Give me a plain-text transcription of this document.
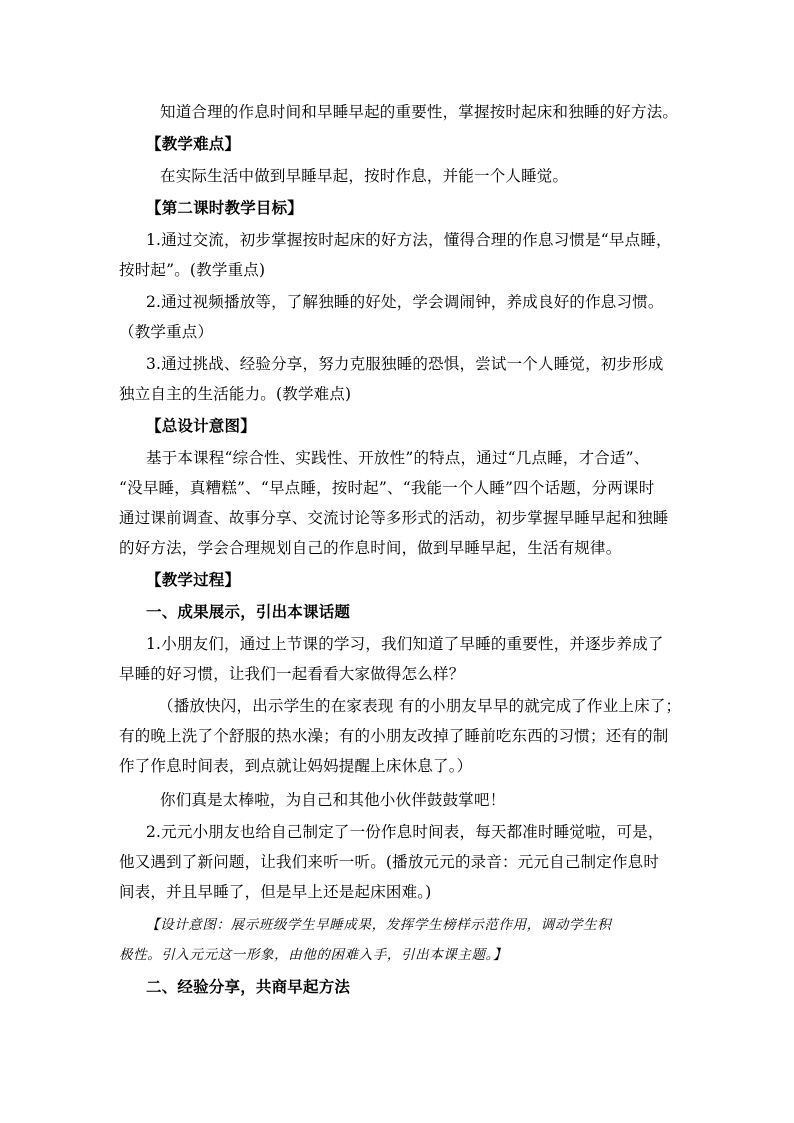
知道合理的作息时间和早睡早起的重要性，掌握按时起床和独睡的好方法。
【教学难点】
在实际生活中做到早睡早起，按时作息，并能一个人睡觉。
【第二课时教学目标】
1.通过交流，初步掌握按时起床的好方法，懂得合理的作息习惯是“早点睡，
按时起”。(教学重点)
2.通过视频播放等，了解独睡的好处，学会调闹钟，养成良好的作息习惯。
（教学重点）
3.通过挑战、经验分享，努力克服独睡的恐惧，尝试一个人睡觉，初步形成
独立自主的生活能力。(教学难点)
【总设计意图】
基于本课程“综合性、实践性、开放性”的特点，通过“几点睡，才合适”、
“没早睡，真糟糕”、“早点睡，按时起”、“我能一个人睡”四个话题，分两课时
通过课前调查、故事分享、交流讨论等多形式的活动，初步掌握早睡早起和独睡
的好方法，学会合理规划自己的作息时间，做到早睡早起，生活有规律。
【教学过程】
一、成果展示，引出本课话题
1.小朋友们，通过上节课的学习，我们知道了早睡的重要性，并逐步养成了
早睡的好习惯，让我们一起看看大家做得怎么样？
（播放快闪，出示学生的在家表现 有的小朋友早早的就完成了作业上床了；
有的晚上洗了个舒服的热水澡；有的小朋友改掉了睡前吃东西的习惯；还有的制
作了作息时间表，到点就让妈妈提醒上床休息了。）
你们真是太棒啦，为自己和其他小伙伴鼓鼓掌吧！
2.元元小朋友也给自己制定了一份作息时间表，每天都准时睡觉啦，可是，
他又遇到了新问题，让我们来听一听。(播放元元的录音：元元自己制定作息时
间表，并且早睡了，但是早上还是起床困难。)
【设计意图：展示班级学生早睡成果，发挥学生榜样示范作用，调动学生积
极性。引入元元这一形象，由他的困难入手，引出本课主题。】
二、经验分享，共商早起方法
